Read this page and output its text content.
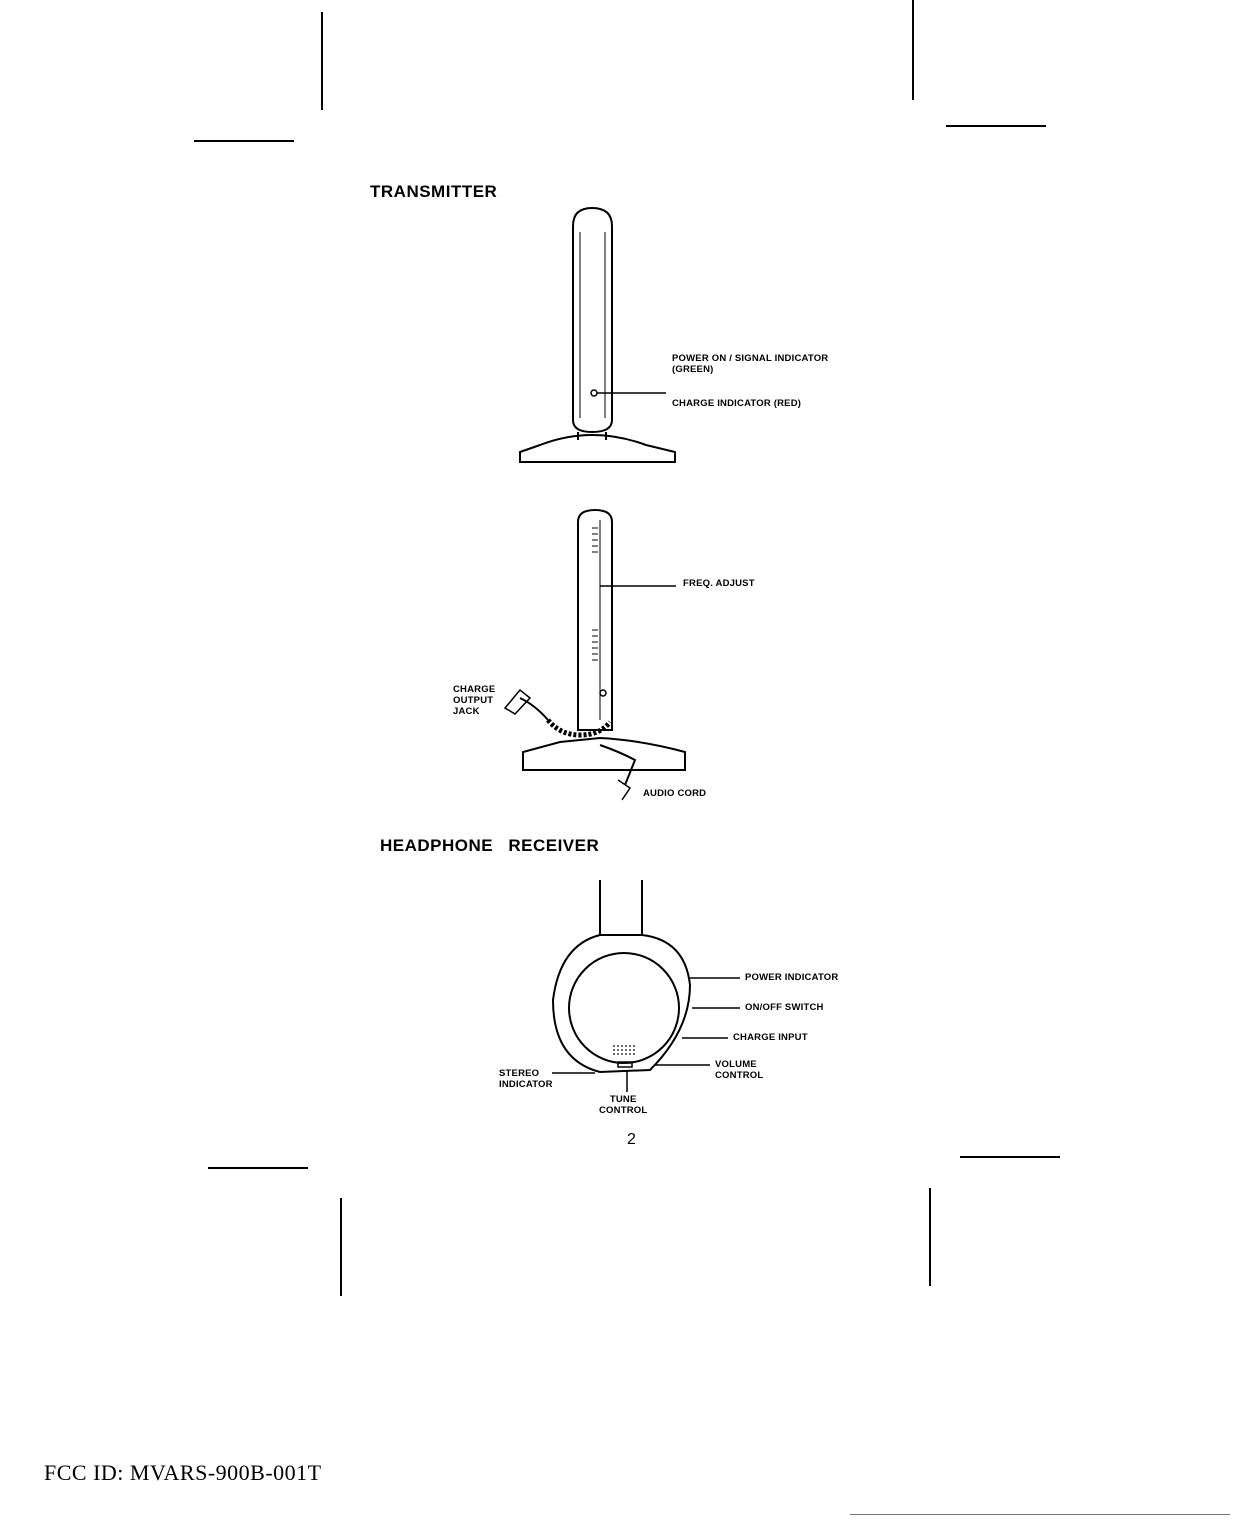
TRANSMITTER
POWER ON / SIGNAL INDICATOR
(GREEN)
CHARGE INDICATOR (RED)
FREQ. ADJUST
CHARGE
OUTPUT
JACK
AUDIO CORD
HEADPHONE RECEIVER
POWER INDICATOR
ON/OFF SWITCH
CHARGE INPUT
VOLUME
CONTROL
STEREO
INDICATOR
TUNE
CONTROL
2
FCC ID: MVARS-900B-001T
